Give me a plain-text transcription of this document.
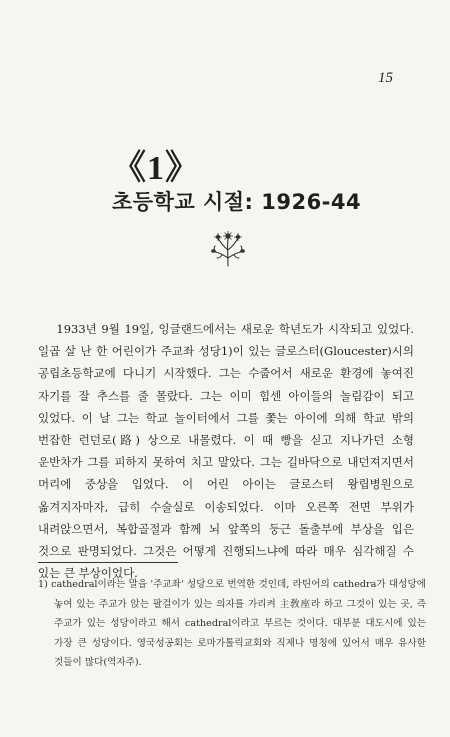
15
《1》
초등학교 시절: 1926-44

1933년 9월 19일, 잉글랜드에서는 새로운 학년도가 시작되고 있었다. 일곱 살 난 한 어린이가 주교좌 성당1)이 있는 글로스터(Gloucester)시의 공립초등학교에 다니기 시작했다. 그는 수줍어서 새로운 환경에 놓여진 자기를 잘 추스를 줄 몰랐다. 그는 이미 힘센 아이들의 놀림감이 되고 있었다. 이 날 그는 학교 놀이터에서 그를 쫓는 아이에 의해 학교 밖의 번잡한 런던로(路) 상으로 내몰렸다. 이 때 빵을 싣고 지나가던 소형 운반차가 그를 피하지 못하여 치고 말았다. 그는 길바닥으로 내던져지면서 머리에 중상을 입었다. 이 어린 아이는 글로스터 왕립병원으로 옮겨지자마자, 급히 수술실로 이송되었다. 이마 오른쪽 전면 부위가 내려앉으면서, 복합골절과 함께 뇌 앞쪽의 둥근 돌출부에 부상을 입은 것으로 판명되었다. 그것은 어떻게 진행되느냐에 따라 매우 심각해질 수 있는 큰 부상이었다.

1) cathedral이라는 말을 '주교좌' 성당으로 번역한 것인데, 라틴어의 cathedra가 대성당에 놓여 있는 주교가 앉는 팔걸이가 있는 의자를 가리켜 主敎座라 하고 그것이 있는 곳, 즉 주교가 있는 성당이라고 해서 cathedral이라고 부르는 것이다. 대부분 대도시에 있는 가장 큰 성당이다. 영국성공회는 로마가톨릭교회와 직제나 명칭에 있어서 매우 유사한 것들이 많다(역자주).
